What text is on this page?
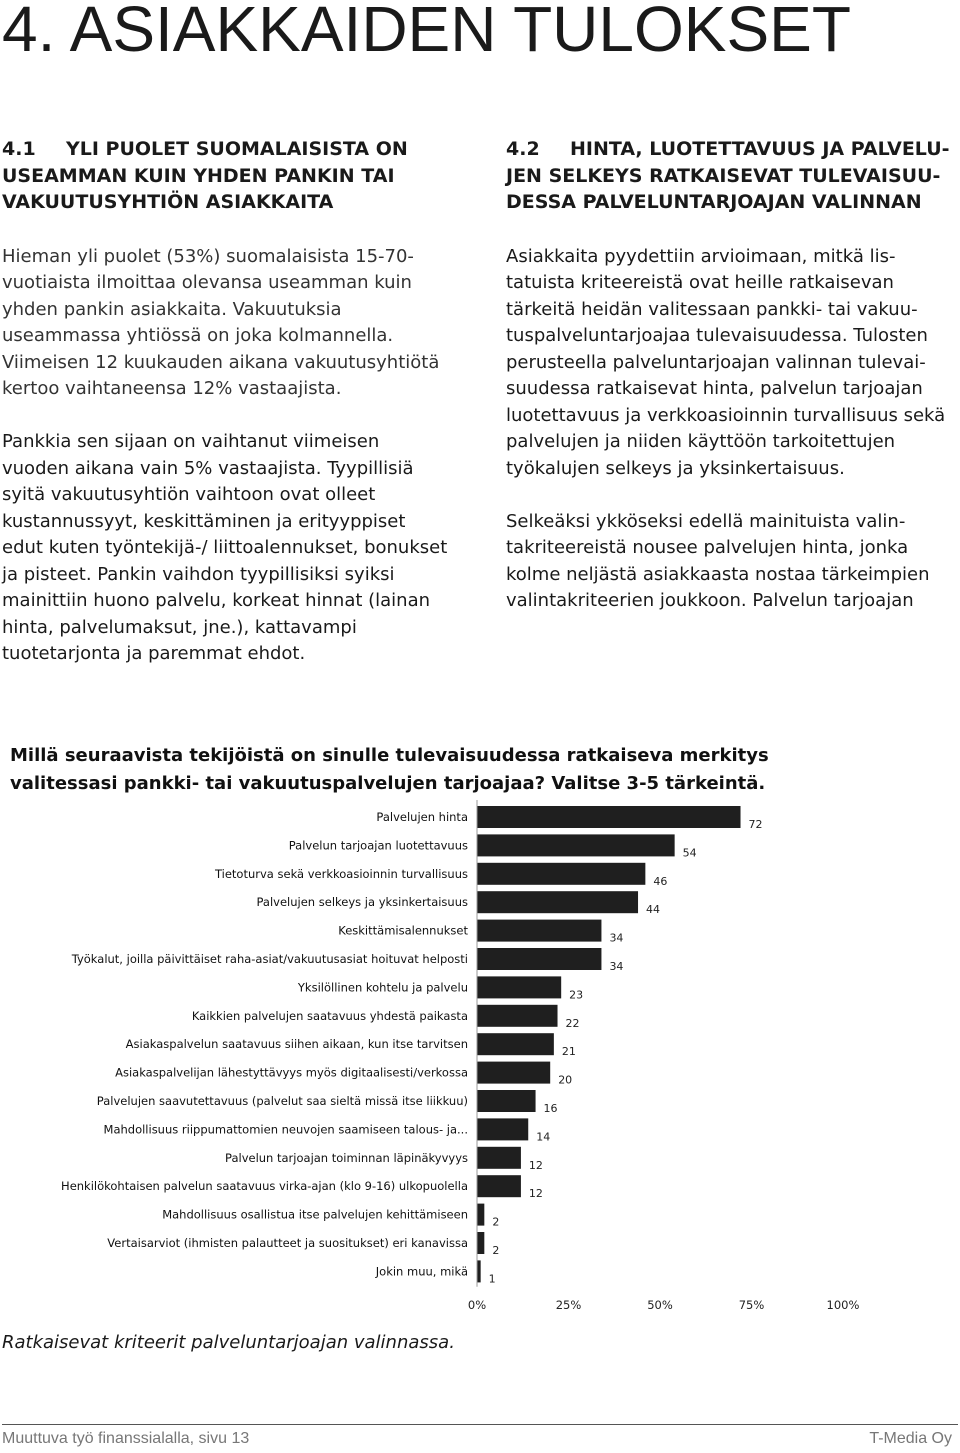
4. ASIAKKAIDEN TULOKSET
4.1 YLI PUOLET SUOMALAISISTA ON USEAMMAN KUIN YHDEN PANKIN TAI VAKUUTUSYHTIÖN ASIAKKAITA

Hieman yli puolet (53%) suomalaisista 15-70-vuotiaista ilmoittaa olevansa useamman kuin yhden pankin asiakkaita. Vakuutuksia useammassa yhtiössä on joka kolmannella. Viimeisen 12 kuukauden aikana vakuutusyhtiötä kertoo vaihtaneensa 12% vastaajista.

Pankkia sen sijaan on vaihtanut viimeisen vuoden aikana vain 5% vastaajista. Tyypillisiä syitä vakuutusyhtiön vaihtoon ovat olleet kustannussyyt, keskittäminen ja erityyppiset edut kuten työntekijä-/ liittoalennukset, bonukset ja pisteet. Pankin vaihdon tyypillisiksi syiksi mainittiin huono palvelu, korkeat hinnat (lainan hinta, palvelumaksut, jne.), kattavampi tuotetarjonta ja paremmat ehdot.

4.2 HINTA, LUOTETTAVUUS JA PALVELUJEN SELKEYS RATKAISEVAT TULEVAISUUDESSA PALVELUNTARJOAJAN VALINNAN

Asiakkaita pyydettiin arvioimaan, mitkä listatuista kriteereistä ovat heille ratkaisevan tärkeitä heidän valitessaan pankki- tai vakuutuspalveluntarjoajaa tulevaisuudessa. Tulosten perusteella palveluntarjoajan valinnan tulevaisuudessa ratkaisevat hinta, palvelun tarjoajan luotettavuus ja verkkoasioinnin turvallisuus sekä palvelujen ja niiden käyttöön tarkoitettujen työkalujen selkeys ja yksinkertaisuus.

Selkeäksi ykköseksi edellä mainituista valintakriteereistä nousee palvelujen hinta, jonka kolme neljästä asiakkaasta nostaa tärkeimpien valintakriteerien joukkoon. Palvelun tarjoajan

Millä seuraavista tekijöistä on sinulle tulevaisuudessa ratkaiseva merkitys valitessasi pankki- tai vakuutuspalvelujen tarjoajaa? Valitse 3-5 tärkeintä.

Palvelujen hinta
72
Palvelun tarjoajan luotettavuus
54
Tietoturva sekä verkkoasioinnin turvallisuus
46
Palvelujen selkeys ja yksinkertaisuus
44
Keskittämisalennukset
34
Työkalut, joilla päivittäiset raha-asiat/vakuutusasiat hoituvat helposti
34
Yksilöllinen kohtelu ja palvelu
23
Kaikkien palvelujen saatavuus yhdestä paikasta
22
Asiakaspalvelun saatavuus siihen aikaan, kun itse tarvitsen
21
Asiakaspalvelijan lähestyttävyys myös digitaalisesti/verkossa
20
Palvelujen saavutettavuus (palvelut saa sieltä missä itse liikkuu)
16
Mahdollisuus riippumattomien neuvojen saamiseen talous- ja...
14
Palvelun tarjoajan toiminnan läpinäkyvyys
12
Henkilökohtaisen palvelun saatavuus virka-ajan (klo 9-16) ulkopuolella
12
Mahdollisuus osallistua itse palvelujen kehittämiseen
2
Vertaisarviot (ihmisten palautteet ja suositukset) eri kanavissa
2
Jokin muu, mikä
1
0%	25%	50%	75%	100%

Ratkaisevat kriteerit palveluntarjoajan valinnassa.

Muuttuva työ finanssialalla, sivu 13	T-Media Oy
